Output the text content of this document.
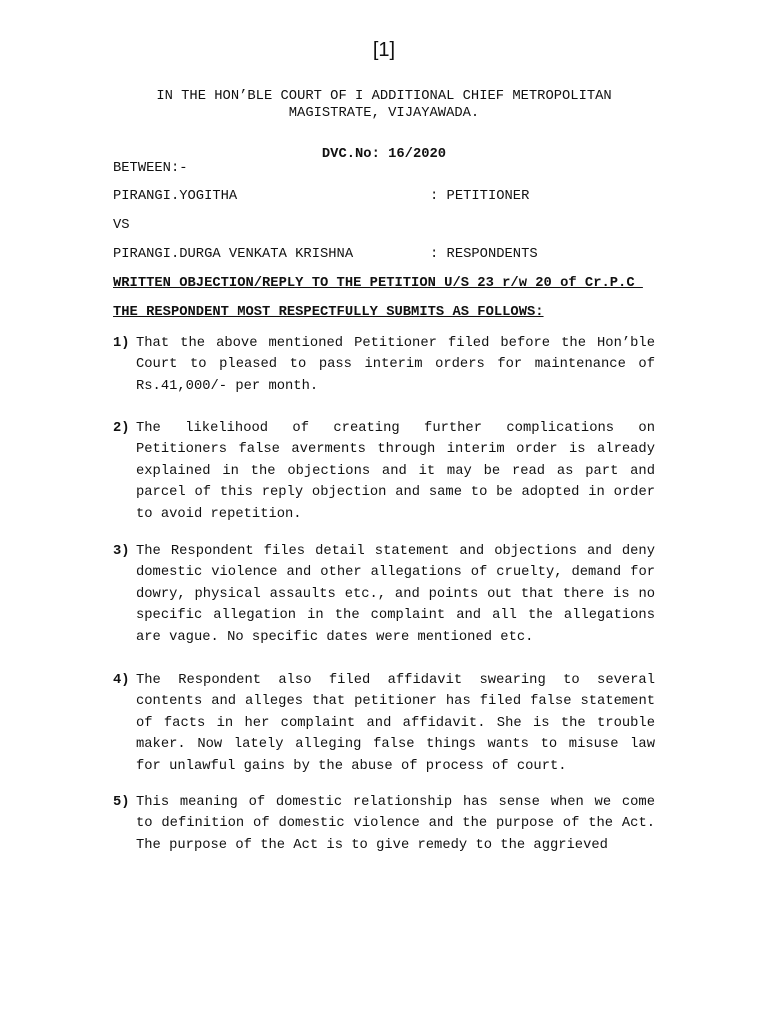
[1]
IN THE HON’BLE COURT OF I ADDITIONAL CHIEF METROPOLITAN
MAGISTRATE, VIJAYAWADA.
DVC.No: 16/2020
BETWEEN:-
PIRANGI.YOGITHA	: PETITIONER
VS
PIRANGI.DURGA VENKATA KRISHNA	: RESPONDENTS
WRITTEN OBJECTION/REPLY TO THE PETITION U/S 23 r/w 20 of Cr.P.C
THE RESPONDENT MOST RESPECTFULLY SUBMITS AS FOLLOWS:
1) That the above mentioned Petitioner filed before the Hon’ble
Court to pleased to pass interim orders for maintenance of
Rs.41,000/- per month.
2) The likelihood of creating further complications on
Petitioners false averments through interim order is already
explained in the objections and it may be read as part and
parcel of this reply objection and same to be adopted in order
to avoid repetition.
3) The Respondent files detail statement and objections and deny
domestic violence and other allegations of cruelty, demand for
dowry, physical assaults etc., and points out that there is no
specific allegation in the complaint and all the allegations
are vague. No specific dates were mentioned etc.
4) The Respondent also filed affidavit swearing to several
contents and alleges that petitioner has filed false statement
of facts in her complaint and affidavit. She is the trouble
maker. Now lately alleging false things wants to misuse law
for unlawful gains by the abuse of process of court.
5) This meaning of domestic relationship has sense when we come
to definition of domestic violence and the purpose of the Act.
The purpose of the Act is to give remedy to the aggrieved
